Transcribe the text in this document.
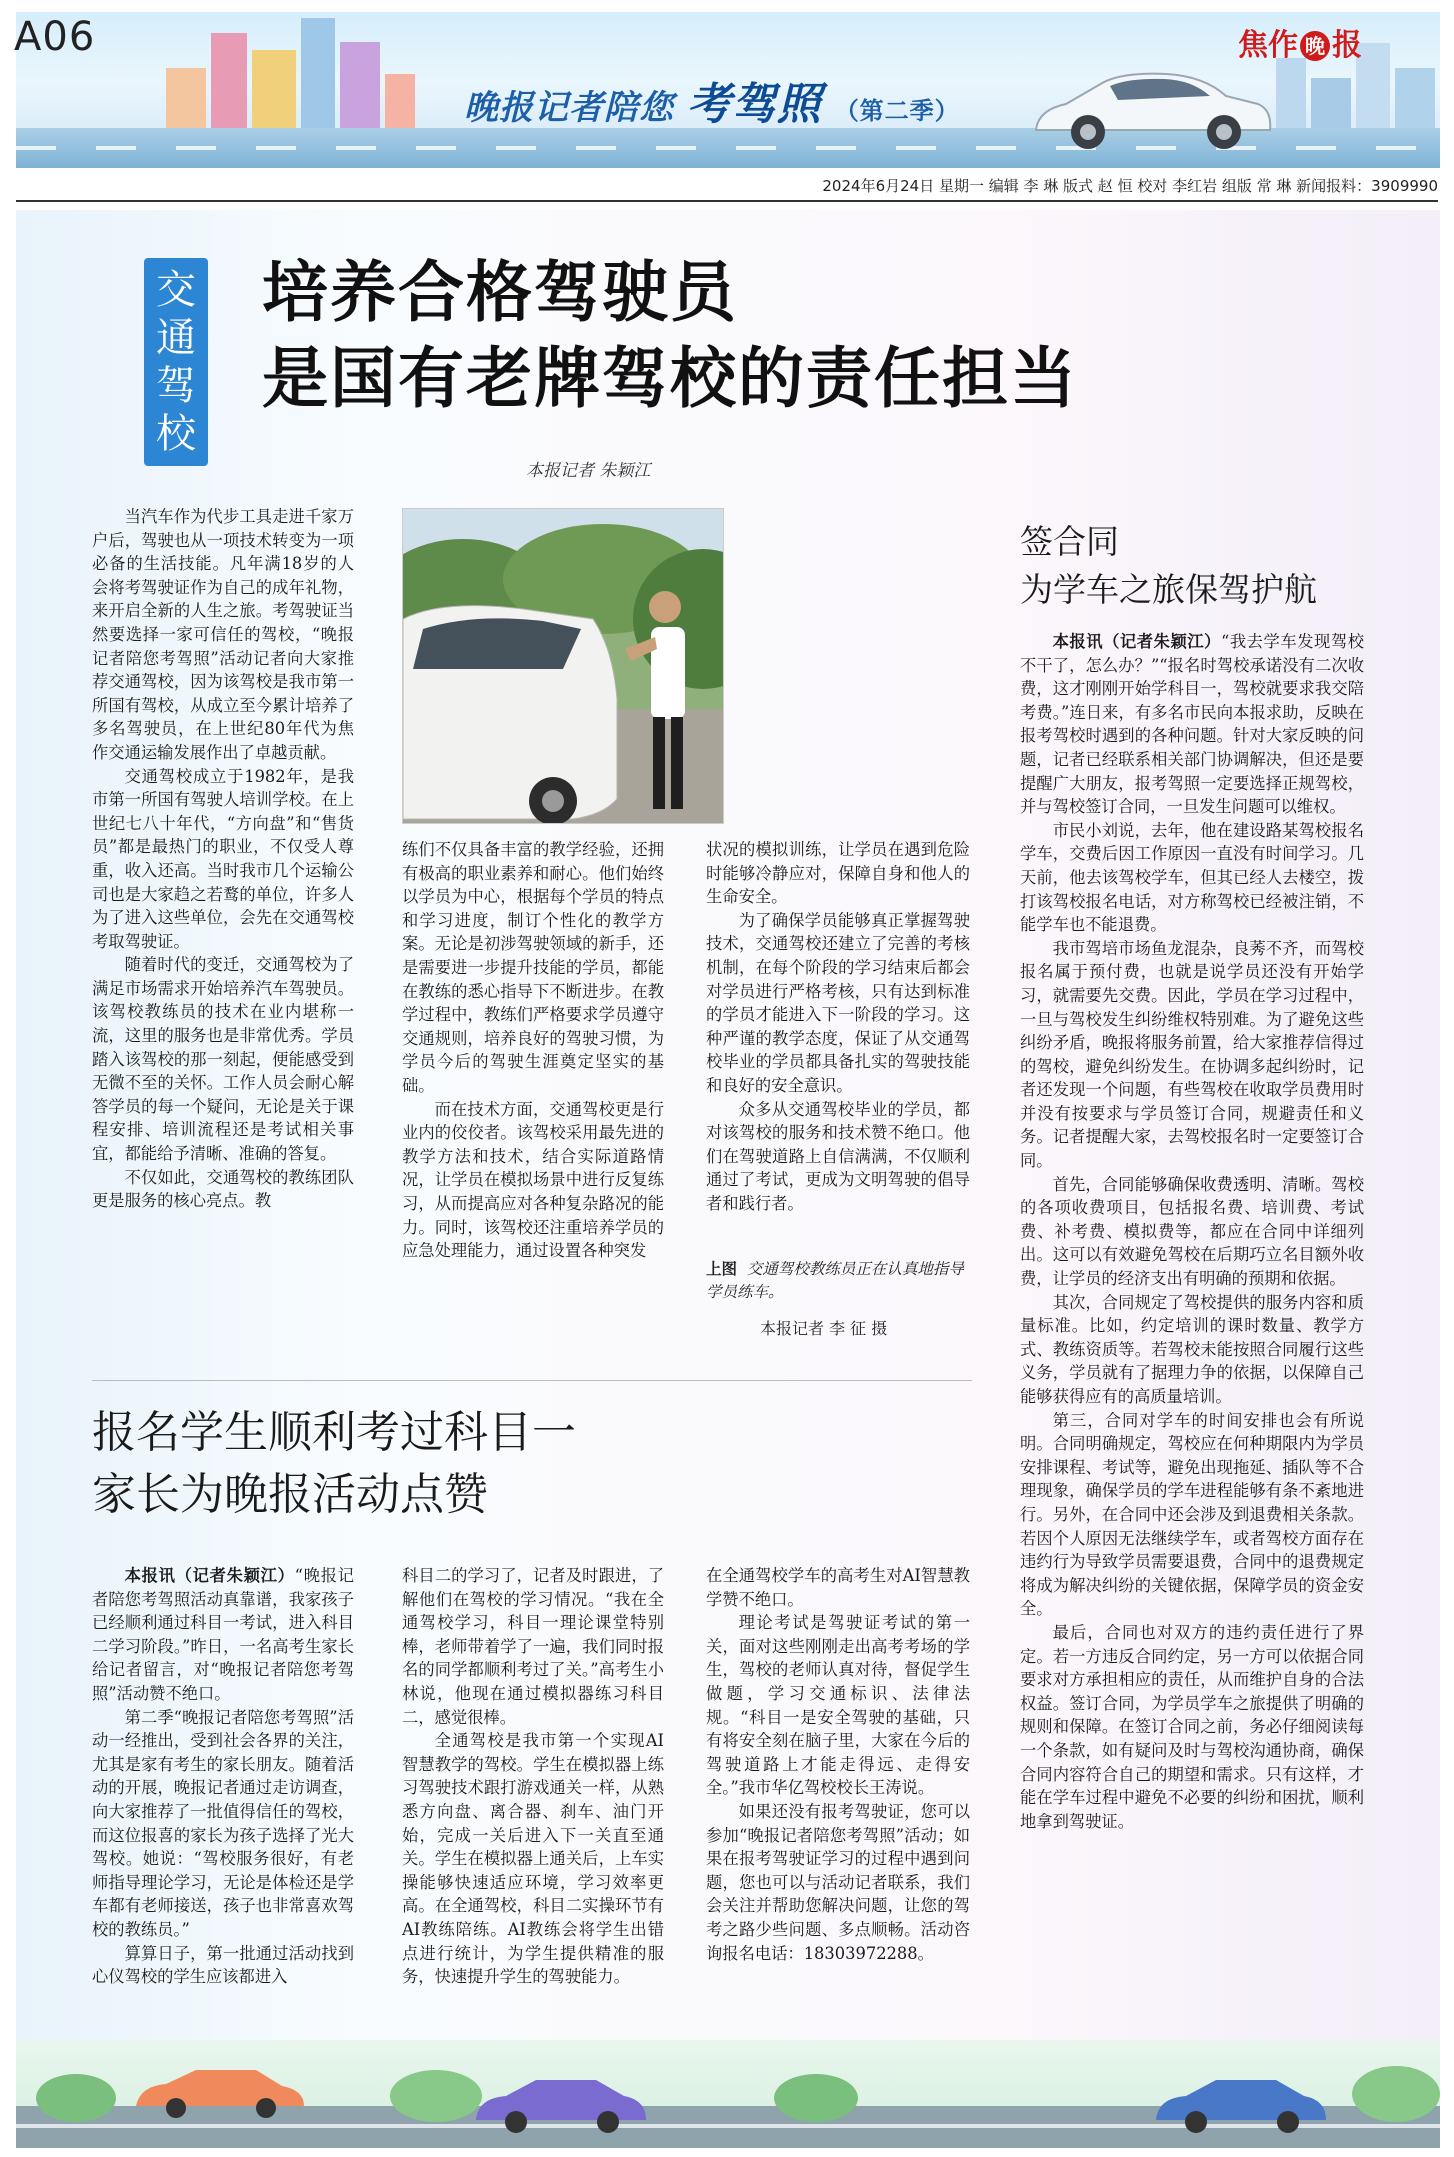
晚报记者陪您 考驾照 （第二季）
A06	焦作 晚 报
2024年6月24日 星期一 编辑 李 琳 版式 赵 恒 校对 李红岩 组版 常 琳 新闻报料：3909990
交
通
驾
校
培养合格驾驶员
是国有老牌驾校的责任担当
本报记者 朱颖江

当汽车作为代步工具走进千家万户后，驾驶也从一项技术转变为一项必备的生活技能。凡年满18岁的人会将考驾驶证作为自己的成年礼物，来开启全新的人生之旅。考驾驶证当然要选择一家可信任的驾校，“晚报记者陪您考驾照”活动记者向大家推荐交通驾校，因为该驾校是我市第一所国有驾校，从成立至今累计培养了多名驾驶员，在上世纪80年代为焦作交通运输发展作出了卓越贡献。

交通驾校成立于1982年，是我市第一所国有驾驶人培训学校。在上世纪七八十年代，“方向盘”和“售货员”都是最热门的职业，不仅受人尊重，收入还高。当时我市几个运输公司也是大家趋之若鹜的单位，许多人为了进入这些单位，会先在交通驾校考取驾驶证。

随着时代的变迁，交通驾校为了满足市场需求开始培养汽车驾驶员。该驾校教练员的技术在业内堪称一流，这里的服务也是非常优秀。学员踏入该驾校的那一刻起，便能感受到无微不至的关怀。工作人员会耐心解答学员的每一个疑问，无论是关于课程安排、培训流程还是考试相关事宜，都能给予清晰、准确的答复。

不仅如此，交通驾校的教练团队更是服务的核心亮点。教

练们不仅具备丰富的教学经验，还拥有极高的职业素养和耐心。他们始终以学员为中心，根据每个学员的特点和学习进度，制订个性化的教学方案。无论是初涉驾驶领域的新手，还是需要进一步提升技能的学员，都能在教练的悉心指导下不断进步。在教学过程中，教练们严格要求学员遵守交通规则，培养良好的驾驶习惯，为学员今后的驾驶生涯奠定坚实的基础。

而在技术方面，交通驾校更是行业内的佼佼者。该驾校采用最先进的教学方法和技术，结合实际道路情况，让学员在模拟场景中进行反复练习，从而提高应对各种复杂路况的能力。同时，该驾校还注重培养学员的应急处理能力，通过设置各种突发

状况的模拟训练，让学员在遇到危险时能够冷静应对，保障自身和他人的生命安全。

为了确保学员能够真正掌握驾驶技术，交通驾校还建立了完善的考核机制，在每个阶段的学习结束后都会对学员进行严格考核，只有达到标准的学员才能进入下一阶段的学习。这种严谨的教学态度，保证了从交通驾校毕业的学员都具备扎实的驾驶技能和良好的安全意识。

众多从交通驾校毕业的学员，都对该驾校的服务和技术赞不绝口。他们在驾驶道路上自信满满，不仅顺利通过了考试，更成为文明驾驶的倡导者和践行者。

上图 交通驾校教练员正在认真地指导学员练车。
本报记者 李 征 摄
签合同
为学车之旅保驾护航

本报讯（记者朱颖江）“我去学车发现驾校不干了，怎么办？”“报名时驾校承诺没有二次收费，这才刚刚开始学科目一，驾校就要求我交陪考费。”连日来，有多名市民向本报求助，反映在报考驾校时遇到的各种问题。针对大家反映的问题，记者已经联系相关部门协调解决，但还是要提醒广大朋友，报考驾照一定要选择正规驾校，并与驾校签订合同，一旦发生问题可以维权。

市民小刘说，去年，他在建设路某驾校报名学车，交费后因工作原因一直没有时间学习。几天前，他去该驾校学车，但其已经人去楼空，拨打该驾校报名电话，对方称驾校已经被注销，不能学车也不能退费。

我市驾培市场鱼龙混杂，良莠不齐，而驾校报名属于预付费，也就是说学员还没有开始学习，就需要先交费。因此，学员在学习过程中，一旦与驾校发生纠纷维权特别难。为了避免这些纠纷矛盾，晚报将服务前置，给大家推荐信得过的驾校，避免纠纷发生。在协调多起纠纷时，记者还发现一个问题，有些驾校在收取学员费用时并没有按要求与学员签订合同，规避责任和义务。记者提醒大家，去驾校报名时一定要签订合同。

首先，合同能够确保收费透明、清晰。驾校的各项收费项目，包括报名费、培训费、考试费、补考费、模拟费等，都应在合同中详细列出。这可以有效避免驾校在后期巧立名目额外收费，让学员的经济支出有明确的预期和依据。

其次，合同规定了驾校提供的服务内容和质量标准。比如，约定培训的课时数量、教学方式、教练资质等。若驾校未能按照合同履行这些义务，学员就有了据理力争的依据，以保障自己能够获得应有的高质量培训。

第三，合同对学车的时间安排也会有所说明。合同明确规定，驾校应在何种期限内为学员安排课程、考试等，避免出现拖延、插队等不合理现象，确保学员的学车进程能够有条不紊地进行。另外，在合同中还会涉及到退费相关条款。若因个人原因无法继续学车，或者驾校方面存在违约行为导致学员需要退费，合同中的退费规定将成为解决纠纷的关键依据，保障学员的资金安全。

最后，合同也对双方的违约责任进行了界定。若一方违反合同约定，另一方可以依据合同要求对方承担相应的责任，从而维护自身的合法权益。签订合同，为学员学车之旅提供了明确的规则和保障。在签订合同之前，务必仔细阅读每一个条款，如有疑问及时与驾校沟通协商，确保合同内容符合自己的期望和需求。只有这样，才能在学车过程中避免不必要的纠纷和困扰，顺利地拿到驾驶证。

报名学生顺利考过科目一
家长为晚报活动点赞

本报讯（记者朱颖江）“晚报记者陪您考驾照活动真靠谱，我家孩子已经顺利通过科目一考试，进入科目二学习阶段。”昨日，一名高考生家长给记者留言，对“晚报记者陪您考驾照”活动赞不绝口。

第二季“晚报记者陪您考驾照”活动一经推出，受到社会各界的关注，尤其是家有考生的家长朋友。随着活动的开展，晚报记者通过走访调查，向大家推荐了一批值得信任的驾校，而这位报喜的家长为孩子选择了光大驾校。她说：“驾校服务很好，有老师指导理论学习，无论是体检还是学车都有老师接送，孩子也非常喜欢驾校的教练员。”

算算日子，第一批通过活动找到心仪驾校的学生应该都进入

科目二的学习了，记者及时跟进，了解他们在驾校的学习情况。“我在全通驾校学习，科目一理论课堂特别棒，老师带着学了一遍，我们同时报名的同学都顺利考过了关。”高考生小林说，他现在通过模拟器练习科目二，感觉很棒。

全通驾校是我市第一个实现AI智慧教学的驾校。学生在模拟器上练习驾驶技术跟打游戏通关一样，从熟悉方向盘、离合器、刹车、油门开始，完成一关后进入下一关直至通关。学生在模拟器上通关后，上车实操能够快速适应环境，学习效率更高。在全通驾校，科目二实操环节有AI教练陪练。AI教练会将学生出错点进行统计，为学生提供精准的服务，快速提升学生的驾驶能力。

在全通驾校学车的高考生对AI智慧教学赞不绝口。

理论考试是驾驶证考试的第一关，面对这些刚刚走出高考考场的学生，驾校的老师认真对待，督促学生做题，学习交通标识、法律法规。“科目一是安全驾驶的基础，只有将安全刻在脑子里，大家在今后的驾驶道路上才能走得远、走得安全。”我市华亿驾校校长王涛说。

如果还没有报考驾驶证，您可以参加“晚报记者陪您考驾照”活动；如果在报考驾驶证学习的过程中遇到问题，您也可以与活动记者联系，我们会关注并帮助您解决问题，让您的驾考之路少些问题、多点顺畅。活动咨询报名电话：18303972288。
